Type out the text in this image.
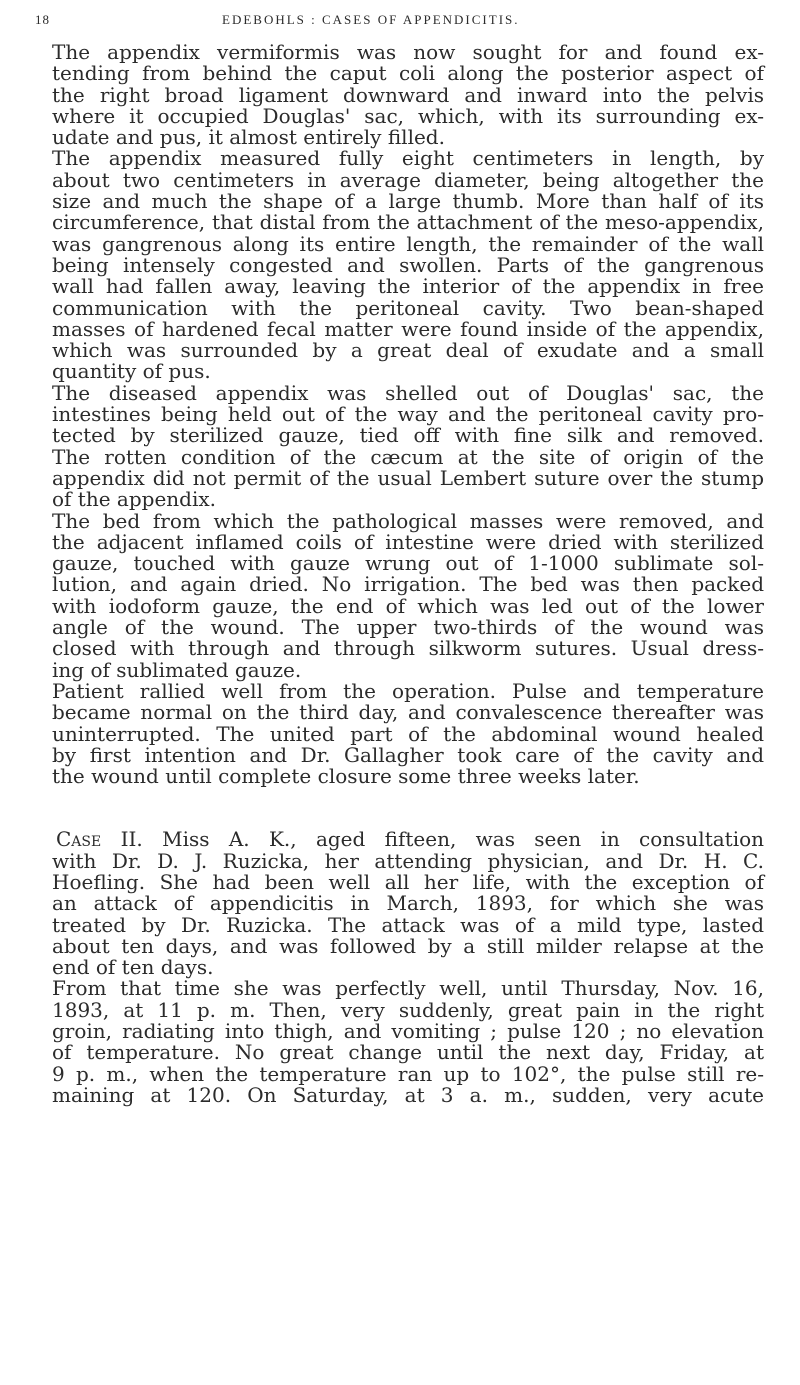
18	EDEBOHLS : CASES OF APPENDICITIS.
The appendix vermiformis was now sought for and found ex-
tending from behind the caput coli along the posterior aspect of
the right broad ligament downward and inward into the pelvis
where it occupied Douglas' sac, which, with its surrounding ex-
udate and pus, it almost entirely filled.
The appendix measured fully eight centimeters in length, by
about two centimeters in average diameter, being altogether the
size and much the shape of a large thumb. More than half of its
circumference, that distal from the attachment of the meso-appendix,
was gangrenous along its entire length, the remainder of the wall
being intensely congested and swollen. Parts of the gangrenous
wall had fallen away, leaving the interior of the appendix in free
communication with the peritoneal cavity. Two bean-shaped
masses of hardened fecal matter were found inside of the appendix,
which was surrounded by a great deal of exudate and a small
quantity of pus.
The diseased appendix was shelled out of Douglas' sac, the
intestines being held out of the way and the peritoneal cavity pro-
tected by sterilized gauze, tied off with fine silk and removed.
The rotten condition of the cæcum at the site of origin of the
appendix did not permit of the usual Lembert suture over the stump
of the appendix.
The bed from which the pathological masses were removed, and
the adjacent inflamed coils of intestine were dried with sterilized
gauze, touched with gauze wrung out of 1-1000 sublimate sol-
lution, and again dried. No irrigation. The bed was then packed
with iodoform gauze, the end of which was led out of the lower
angle of the wound. The upper two-thirds of the wound was
closed with through and through silkworm sutures. Usual dress-
ing of sublimated gauze.
Patient rallied well from the operation. Pulse and temperature
became normal on the third day, and convalescence thereafter was
uninterrupted. The united part of the abdominal wound healed
by first intention and Dr. Gallagher took care of the cavity and
the wound until complete closure some three weeks later.
Case II. Miss A. K., aged fifteen, was seen in consultation
with Dr. D. J. Ruzicka, her attending physician, and Dr. H. C.
Hoefling. She had been well all her life, with the exception of
an attack of appendicitis in March, 1893, for which she was
treated by Dr. Ruzicka. The attack was of a mild type, lasted
about ten days, and was followed by a still milder relapse at the
end of ten days.
From that time she was perfectly well, until Thursday, Nov. 16,
1893, at 11 p. m. Then, very suddenly, great pain in the right
groin, radiating into thigh, and vomiting ; pulse 120 ; no elevation
of temperature. No great change until the next day, Friday, at
9 p. m., when the temperature ran up to 102°, the pulse still re-
maining at 120. On Saturday, at 3 a. m., sudden, very acute
